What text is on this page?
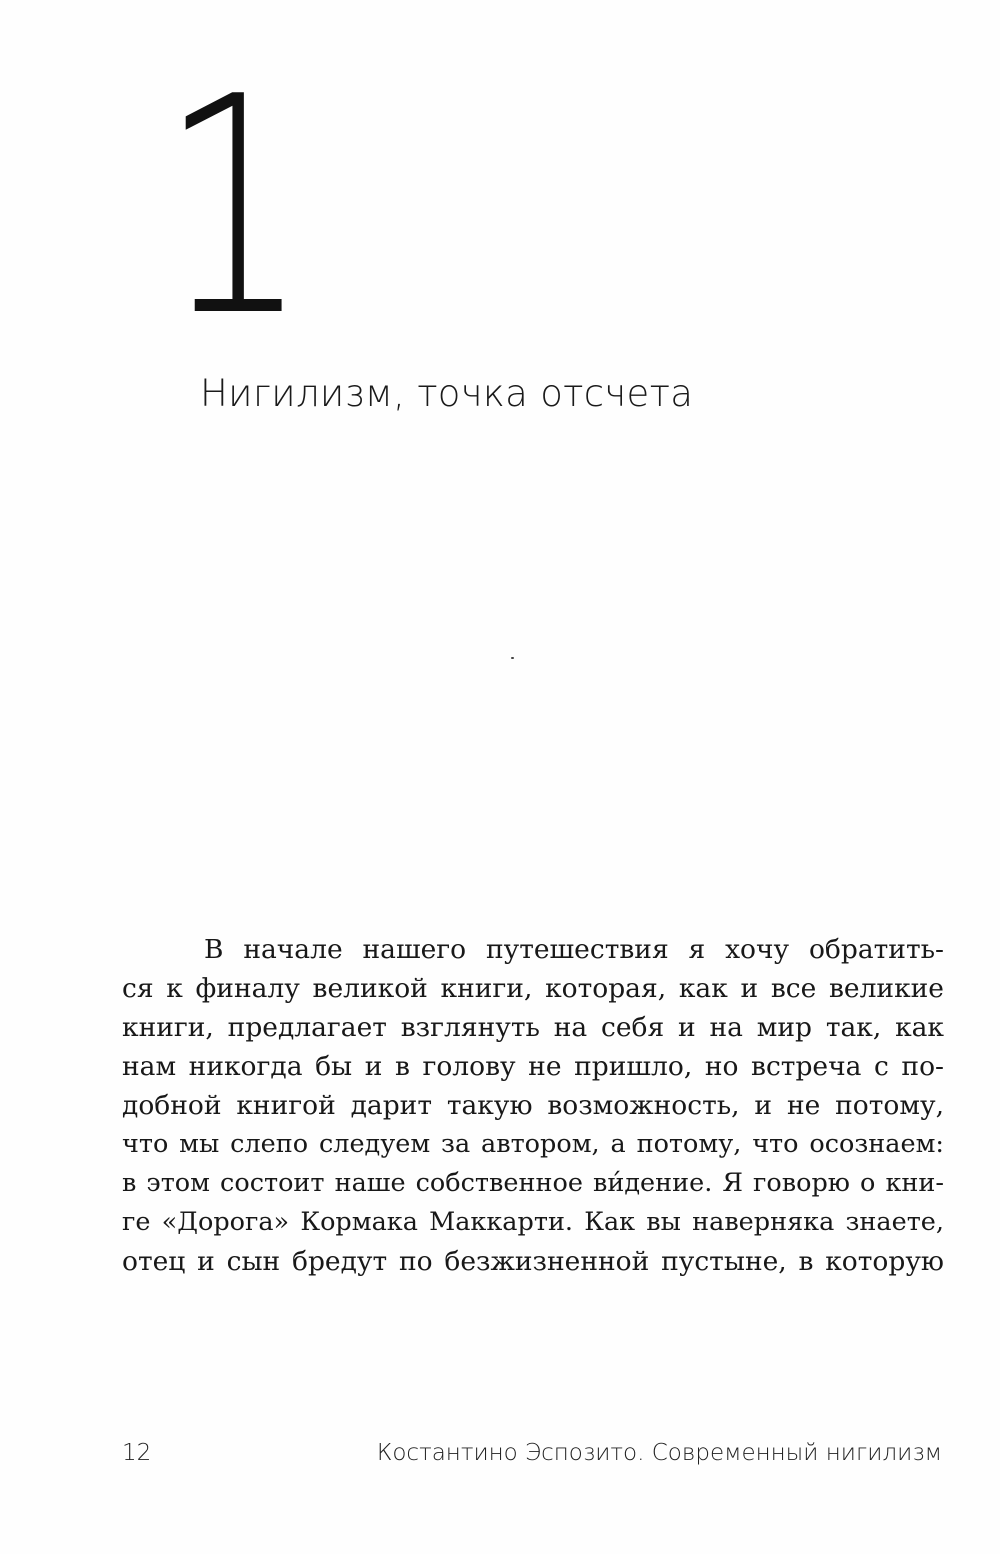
1
Нигилизм, точка отсчета
В начале нашего путешествия я хочу обратить-
ся к финалу великой книги, которая, как и все великие
книги, предлагает взглянуть на себя и на мир так, как
нам никогда бы и в голову не пришло, но встреча с по-
добной книгой дарит такую возможность, и не потому,
что мы слепо следуем за автором, а потому, что осознаем:
в этом состоит наше собственное ви́дение. Я говорю о кни-
ге «Дорога» Кормака Маккарти. Как вы наверняка знаете,
отец и сын бредут по безжизненной пустыне, в которую
12	Костантино Эспозито. Современный нигилизм
